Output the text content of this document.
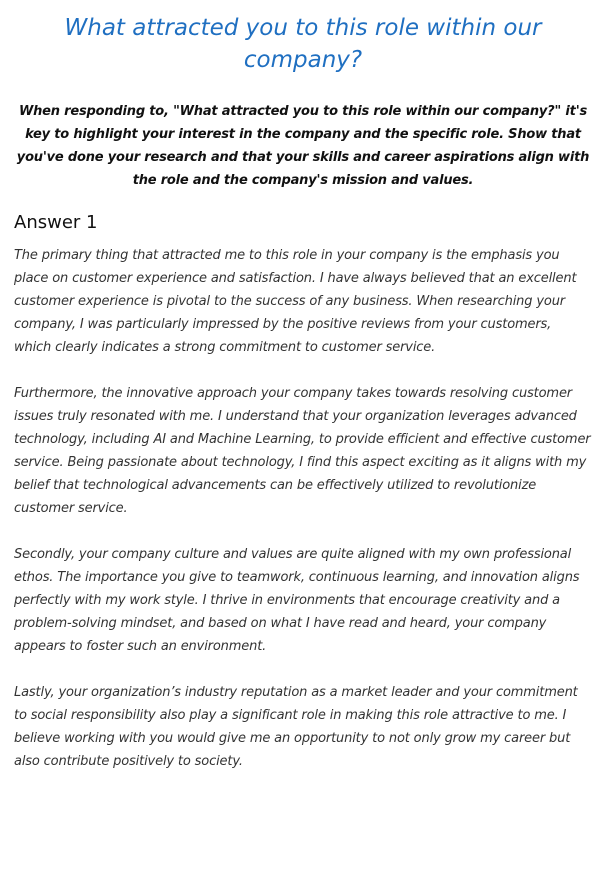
What attracted you to this role within our company?

When responding to, "What attracted you to this role within our company?" it's key to highlight your interest in the company and the specific role. Show that you've done your research and that your skills and career aspirations align with the role and the company's mission and values.

Answer 1

The primary thing that attracted me to this role in your company is the emphasis you place on customer experience and satisfaction. I have always believed that an excellent customer experience is pivotal to the success of any business. When researching your company, I was particularly impressed by the positive reviews from your customers, which clearly indicates a strong commitment to customer service.

Furthermore, the innovative approach your company takes towards resolving customer issues truly resonated with me. I understand that your organization leverages advanced technology, including AI and Machine Learning, to provide efficient and effective customer service. Being passionate about technology, I find this aspect exciting as it aligns with my belief that technological advancements can be effectively utilized to revolutionize customer service.

Secondly, your company culture and values are quite aligned with my own professional ethos. The importance you give to teamwork, continuous learning, and innovation aligns perfectly with my work style. I thrive in environments that encourage creativity and a problem-solving mindset, and based on what I have read and heard, your company appears to foster such an environment.

Lastly, your organization’s industry reputation as a market leader and your commitment to social responsibility also play a significant role in making this role attractive to me. I believe working with you would give me an opportunity to not only grow my career but also contribute positively to society.
